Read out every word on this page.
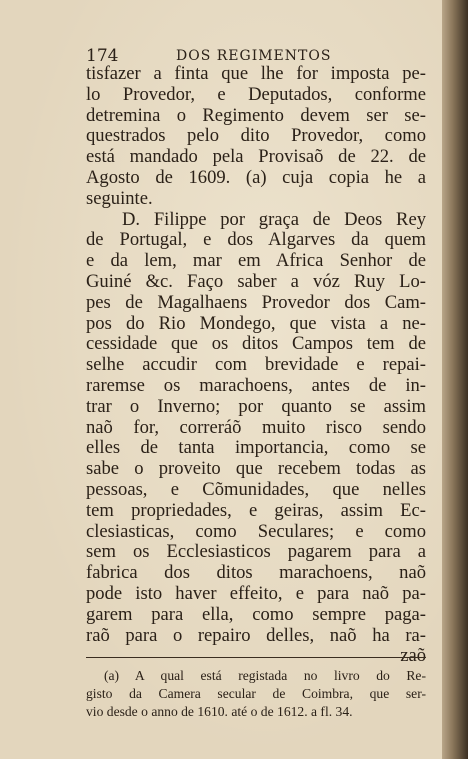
174	DOS REGIMENTOS
tisfazer a finta que lhe for imposta pe-
lo Provedor, e Deputados, conforme
detremina o Regimento devem ser se-
questrados pelo dito Provedor, como
está mandado pela Provisaõ de 22. de
Agosto de 1609. (a) cuja copia he a
seguinte.
D. Filippe por graça de Deos Rey
de Portugal, e dos Algarves da quem
e da lem, mar em Africa Senhor de
Guiné &c. Faço saber a vóz Ruy Lo-
pes de Magalhaens Provedor dos Cam-
pos do Rio Mondego, que vista a ne-
cessidade que os ditos Campos tem de
selhe accudir com brevidade e repai-
raremse os marachoens, antes de in-
trar o Inverno; por quanto se assim
naõ for, correráõ muito risco sendo
elles de tanta importancia, como se
sabe o proveito que recebem todas as
pessoas, e Cõmunidades, que nelles
tem propriedades, e geiras, assim Ec-
clesiasticas, como Seculares; e como
sem os Ecclesiasticos pagarem para a
fabrica dos ditos marachoens, naõ
pode isto haver effeito, e para naõ pa-
garem para ella, como sempre paga-
raõ para o repairo delles, naõ ha ra-
zaõ
(a) A qual está registada no livro do Re-
gisto da Camera secular de Coimbra, que ser-
vio desde o anno de 1610. até o de 1612. a fl. 34.
